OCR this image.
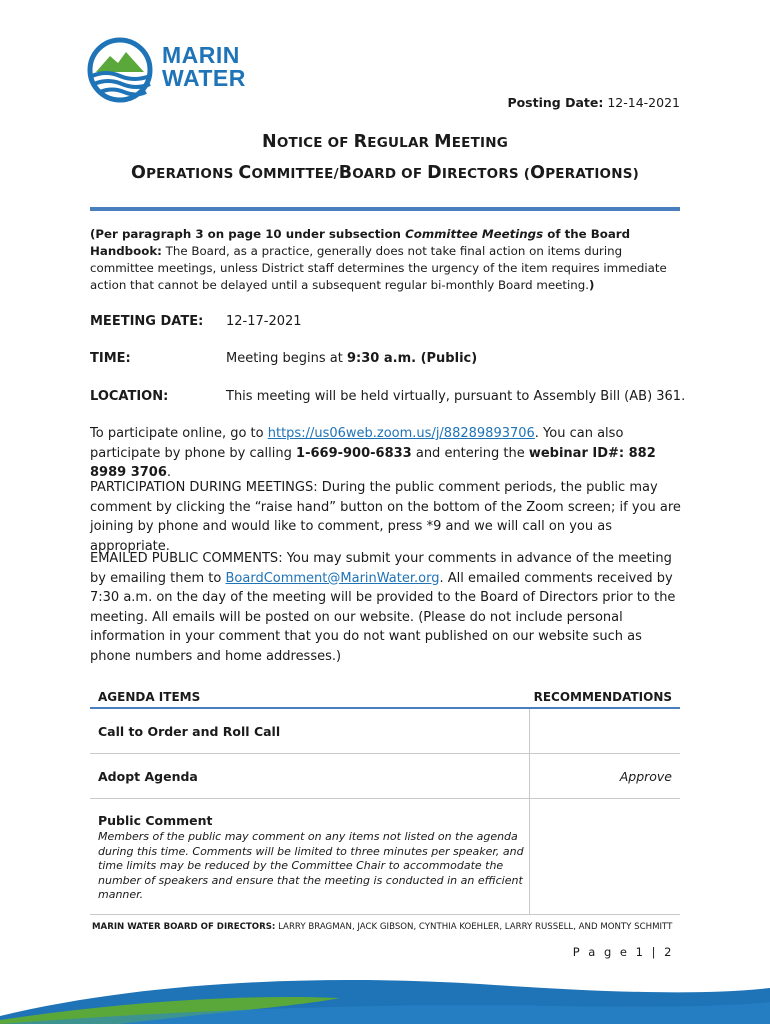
MARIN
WATER
Posting Date: 12-14-2021
NOTICE OF REGULAR MEETING
OPERATIONS COMMITTEE/BOARD OF DIRECTORS (OPERATIONS)
(Per paragraph 3 on page 10 under subsection Committee Meetings of the Board Handbook: The Board, as a practice, generally does not take final action on items during committee meetings, unless District staff determines the urgency of the item requires immediate action that cannot be delayed until a subsequent regular bi-monthly Board meeting.)
MEETING DATE:	12-17-2021
TIME:	Meeting begins at 9:30 a.m. (Public)
LOCATION:	This meeting will be held virtually, pursuant to Assembly Bill (AB) 361.
To participate online, go to https://us06web.zoom.us/j/88289893706. You can also participate by phone by calling 1-669-900-6833 and entering the webinar ID#: 882 8989 3706.
PARTICIPATION DURING MEETINGS: During the public comment periods, the public may comment by clicking the “raise hand” button on the bottom of the Zoom screen; if you are joining by phone and would like to comment, press *9 and we will call on you as appropriate.
EMAILED PUBLIC COMMENTS: You may submit your comments in advance of the meeting by emailing them to BoardComment@MarinWater.org. All emailed comments received by 7:30 a.m. on the day of the meeting will be provided to the Board of Directors prior to the meeting. All emails will be posted on our website. (Please do not include personal information in your comment that you do not want published on our website such as phone numbers and home addresses.)
AGENDA ITEMS	RECOMMENDATIONS
Call to Order and Roll Call
Adopt Agenda	Approve
Public Comment
Members of the public may comment on any items not listed on the agenda during this time. Comments will be limited to three minutes per speaker, and time limits may be reduced by the Committee Chair to accommodate the number of speakers and ensure that the meeting is conducted in an efficient manner.
MARIN WATER BOARD OF DIRECTORS: LARRY BRAGMAN, JACK GIBSON, CYNTHIA KOEHLER, LARRY RUSSELL, AND MONTY SCHMITT
P a g e 1 | 2
